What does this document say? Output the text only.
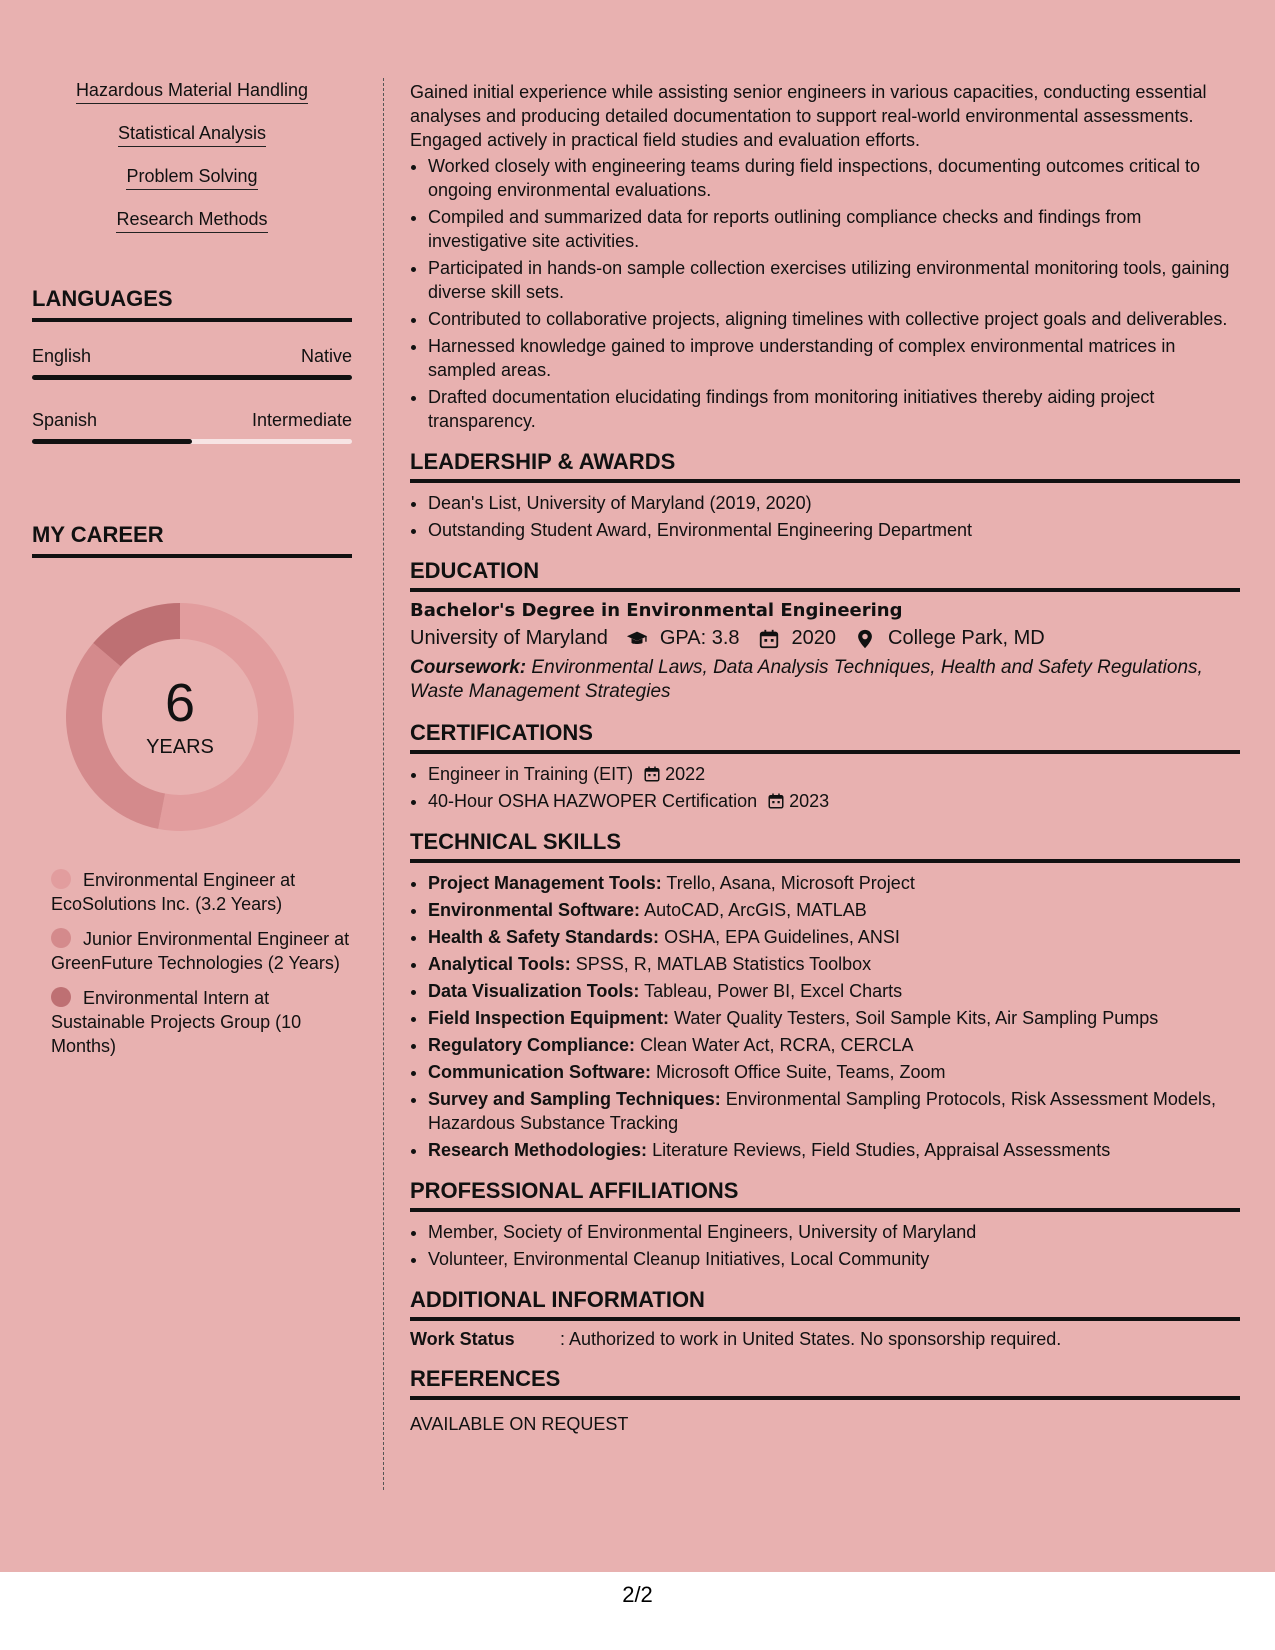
Hazardous Material Handling
Statistical Analysis
Problem Solving
Research Methods
LANGUAGES
English	Native
Spanish	Intermediate
MY CAREER
6
YEARS
Environmental Engineer at EcoSolutions Inc. (3.2 Years)
Junior Environmental Engineer at GreenFuture Technologies (2 Years)
Environmental Intern at Sustainable Projects Group (10 Months)

Gained initial experience while assisting senior engineers in various capacities, conducting essential analyses and producing detailed documentation to support real-world environmental assessments. Engaged actively in practical field studies and evaluation efforts.

• Worked closely with engineering teams during field inspections, documenting outcomes critical to ongoing environmental evaluations.
• Compiled and summarized data for reports outlining compliance checks and findings from investigative site activities.
• Participated in hands-on sample collection exercises utilizing environmental monitoring tools, gaining diverse skill sets.
• Contributed to collaborative projects, aligning timelines with collective project goals and deliverables.
• Harnessed knowledge gained to improve understanding of complex environmental matrices in sampled areas.
• Drafted documentation elucidating findings from monitoring initiatives thereby aiding project transparency.
LEADERSHIP & AWARDS
• Dean's List, University of Maryland (2019, 2020)
• Outstanding Student Award, Environmental Engineering Department
EDUCATION

Bachelor's Degree in Environmental Engineering

University of Maryland	GPA: 3.8	2020	College Park, MD
Coursework: Environmental Laws, Data Analysis Techniques, Health and Safety Regulations, Waste Management Strategies
CERTIFICATIONS
• Engineer in Training (EIT) 2022
• 40-Hour OSHA HAZWOPER Certification 2023
TECHNICAL SKILLS
• Project Management Tools: Trello, Asana, Microsoft Project
• Environmental Software: AutoCAD, ArcGIS, MATLAB
• Health & Safety Standards: OSHA, EPA Guidelines, ANSI
• Analytical Tools: SPSS, R, MATLAB Statistics Toolbox
• Data Visualization Tools: Tableau, Power BI, Excel Charts
• Field Inspection Equipment: Water Quality Testers, Soil Sample Kits, Air Sampling Pumps
• Regulatory Compliance: Clean Water Act, RCRA, CERCLA
• Communication Software: Microsoft Office Suite, Teams, Zoom
• Survey and Sampling Techniques: Environmental Sampling Protocols, Risk Assessment Models, Hazardous Substance Tracking
• Research Methodologies: Literature Reviews, Field Studies, Appraisal Assessments
PROFESSIONAL AFFILIATIONS
• Member, Society of Environmental Engineers, University of Maryland
• Volunteer, Environmental Cleanup Initiatives, Local Community
ADDITIONAL INFORMATION
Work Status	: Authorized to work in United States. No sponsorship required.
REFERENCES
AVAILABLE ON REQUEST
2/2
